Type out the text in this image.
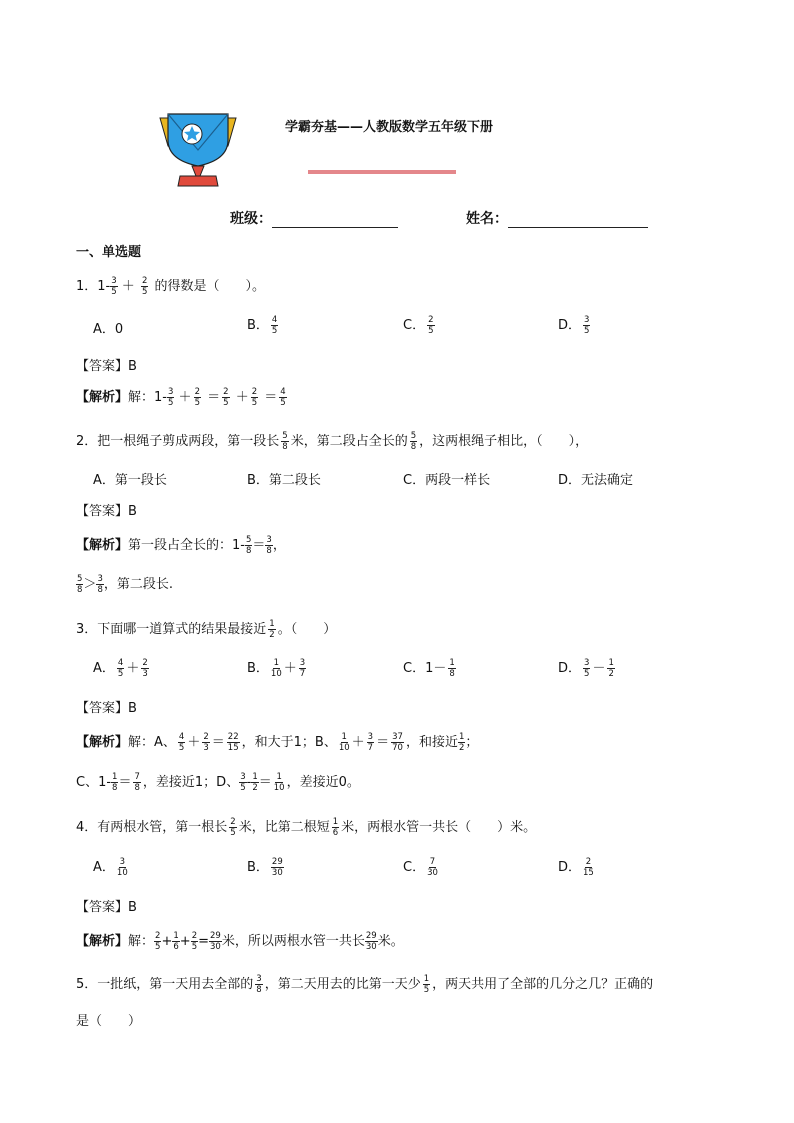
学霸夯基——人教版数学五年级下册
班级：	姓名：
一、单选题
1．$1- \frac{3}{5} + \frac{2}{5}$ 的得数是（　　）。
A．0	B． $\frac{4}{5}$	C． $\frac{2}{5}$	D． $\frac{3}{5}$
【答案】B
【解析】解：$1- \frac{3}{5} + \frac{2}{5} = \frac{2}{5} + \frac{2}{5} = \frac{4}{5}$
2．把一根绳子剪成两段，第一段长 $\frac{5}{8}$ 米，第二段占全长的 $\frac{5}{8}$ ，这两根绳子相比，（　　），
A．第一段长	B．第二段长	C．两段一样长	D．无法确定
【答案】B
【解析】第一段占全长的：$1- \frac{5}{8} = \frac{3}{8}$ ，
$\frac{5}{8} > \frac{3}{8}$ ，第二段长.
3．下面哪一道算式的结果最接近 $\frac{1}{2}$ 。（　　）
A． $\frac{4}{5} + \frac{2}{3}$	B． $\frac{1}{10} + \frac{3}{7}$	C．$1- \frac{1}{8}$	D． $\frac{3}{5} - \frac{1}{2}$
【答案】B
【解析】解：A、 $\frac{4}{5} + \frac{2}{3} = \frac{22}{15}$ ，和大于1；B、 $\frac{1}{10} + \frac{3}{7} = \frac{37}{70}$ ，和接近 $\frac{1}{2}$ ；
C、$1- \frac{1}{8} = \frac{7}{8}$ ，差接近1；D、 $\frac{3}{5} - \frac{1}{2} = \frac{1}{10}$ ，差接近0。
4．有两根水管，第一根长 $\frac{2}{5}$ 米，比第二根短 $\frac{1}{6}$ 米，两根水管一共长（　　）米。
A． $\frac{3}{10}$	B． $\frac{29}{30}$	C． $\frac{7}{30}$	D． $\frac{2}{15}$
【答案】B
【解析】解： $\frac{2}{5} + \frac{1}{6} + \frac{2}{5} = \frac{29}{30}$ 米，所以两根水管一共长 $\frac{29}{30}$ 米。
5．一批纸，第一天用去全部的 $\frac{3}{8}$ ，第二天用去的比第一天少 $\frac{1}{5}$ ，两天共用了全部的几分之几？正确的
是（　　）
